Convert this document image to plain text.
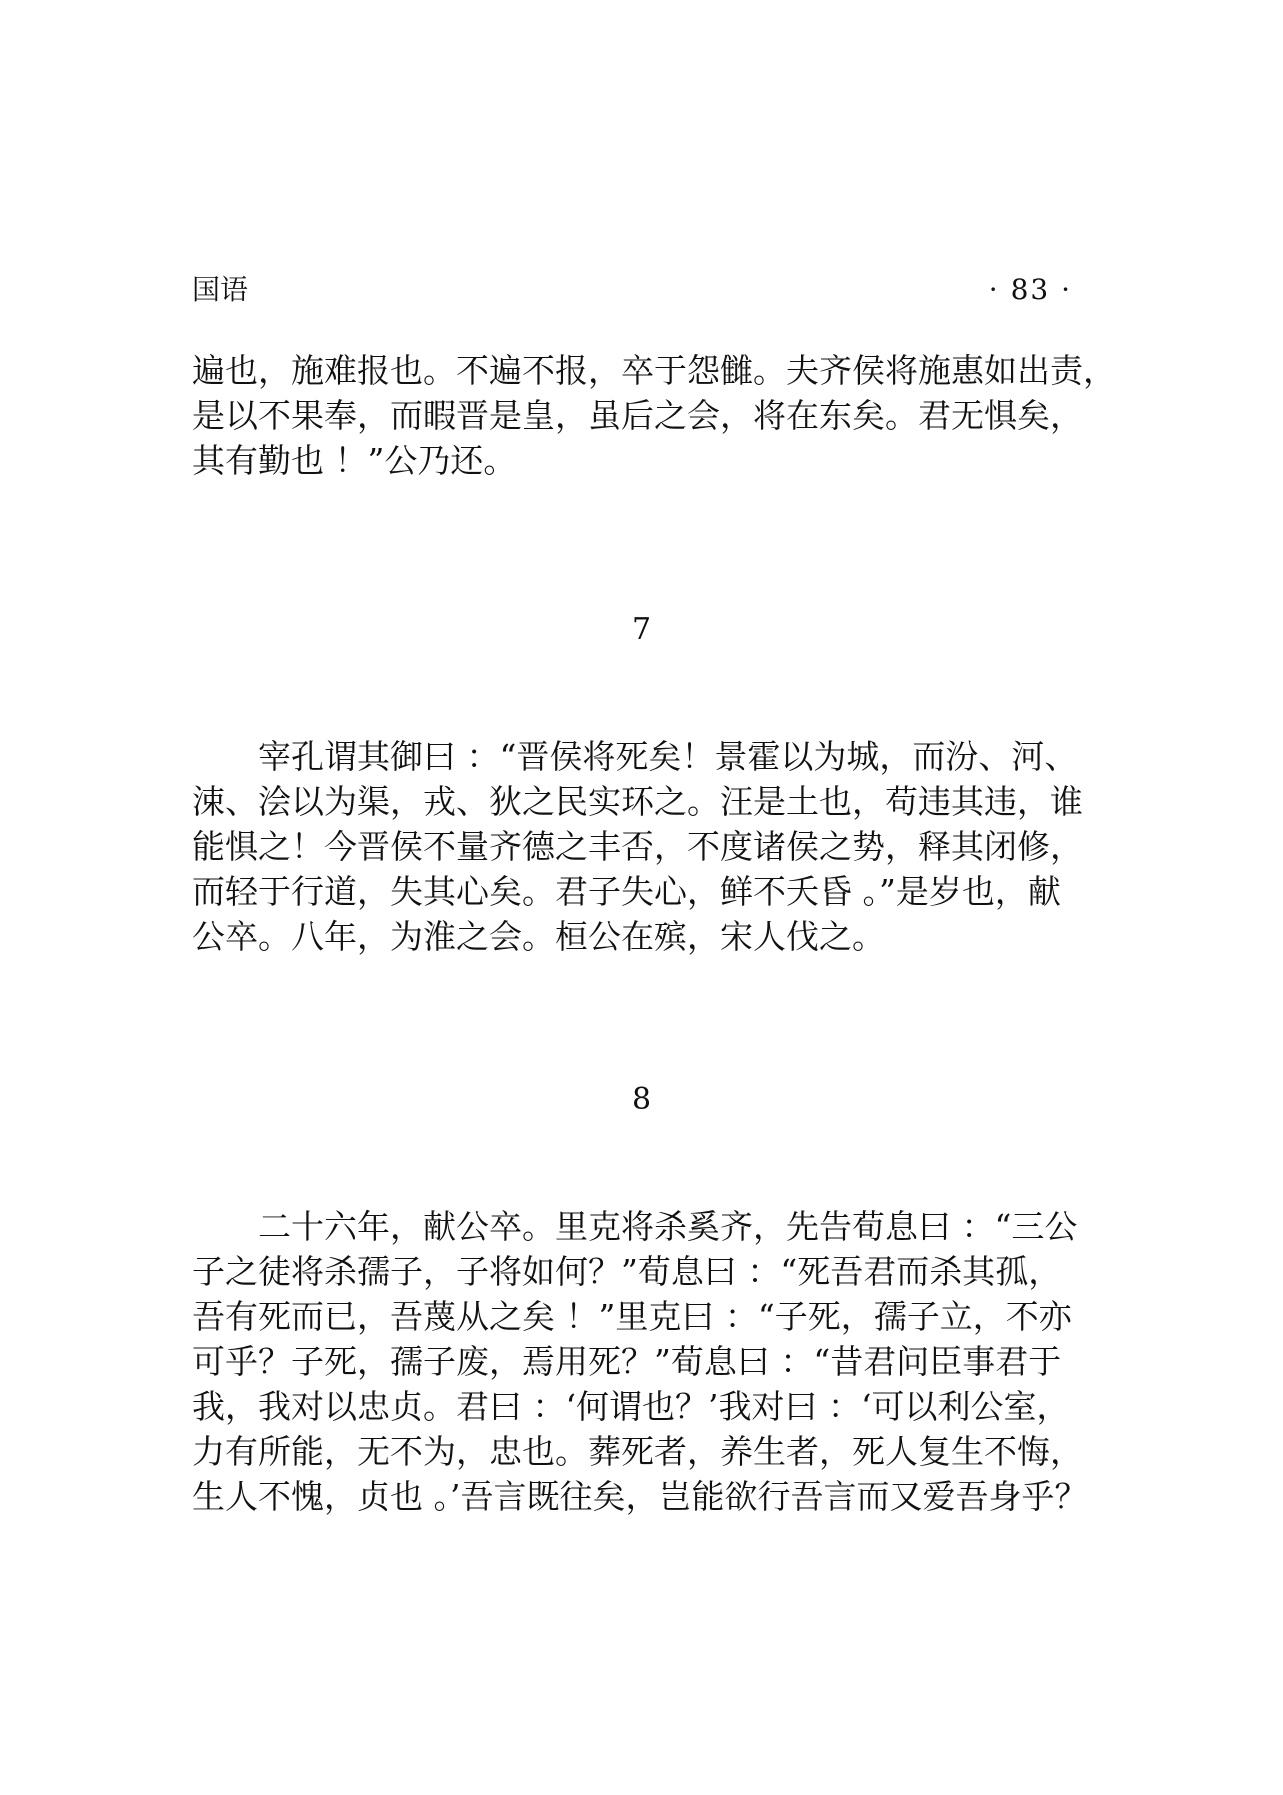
国语	· 83 ·
遍也，施难报也。不遍不报，卒于怨雠。夫齐侯将施惠如出责，
是以不果奉，而暇晋是皇，虽后之会，将在东矣。君无惧矣，
其有勤也 ！”公乃还。
7
宰孔谓其御曰 ：“晋侯将死矣！景霍以为城，而汾、河、
涑、浍以为渠，戎、狄之民实环之。汪是土也，苟违其违，谁
能惧之！今晋侯不量齐德之丰否，不度诸侯之势，释其闭修，
而轻于行道，失其心矣。君子失心，鲜不夭昏 。”是岁也，献
公卒。八年，为淮之会。桓公在殡，宋人伐之。
8
二十六年，献公卒。里克将杀奚齐，先告荀息曰 ：“三公
子之徒将杀孺子，子将如何？”荀息曰 ：“死吾君而杀其孤，
吾有死而已，吾蔑从之矣 ！”里克曰 ：“子死，孺子立，不亦
可乎？子死，孺子废，焉用死？”荀息曰 ：“昔君问臣事君于
我，我对以忠贞。君曰 ：‘何谓也？’我对曰 ：‘可以利公室，
力有所能，无不为，忠也。葬死者，养生者，死人复生不悔，
生人不愧，贞也 。’吾言既往矣，岂能欲行吾言而又爱吾身乎？
